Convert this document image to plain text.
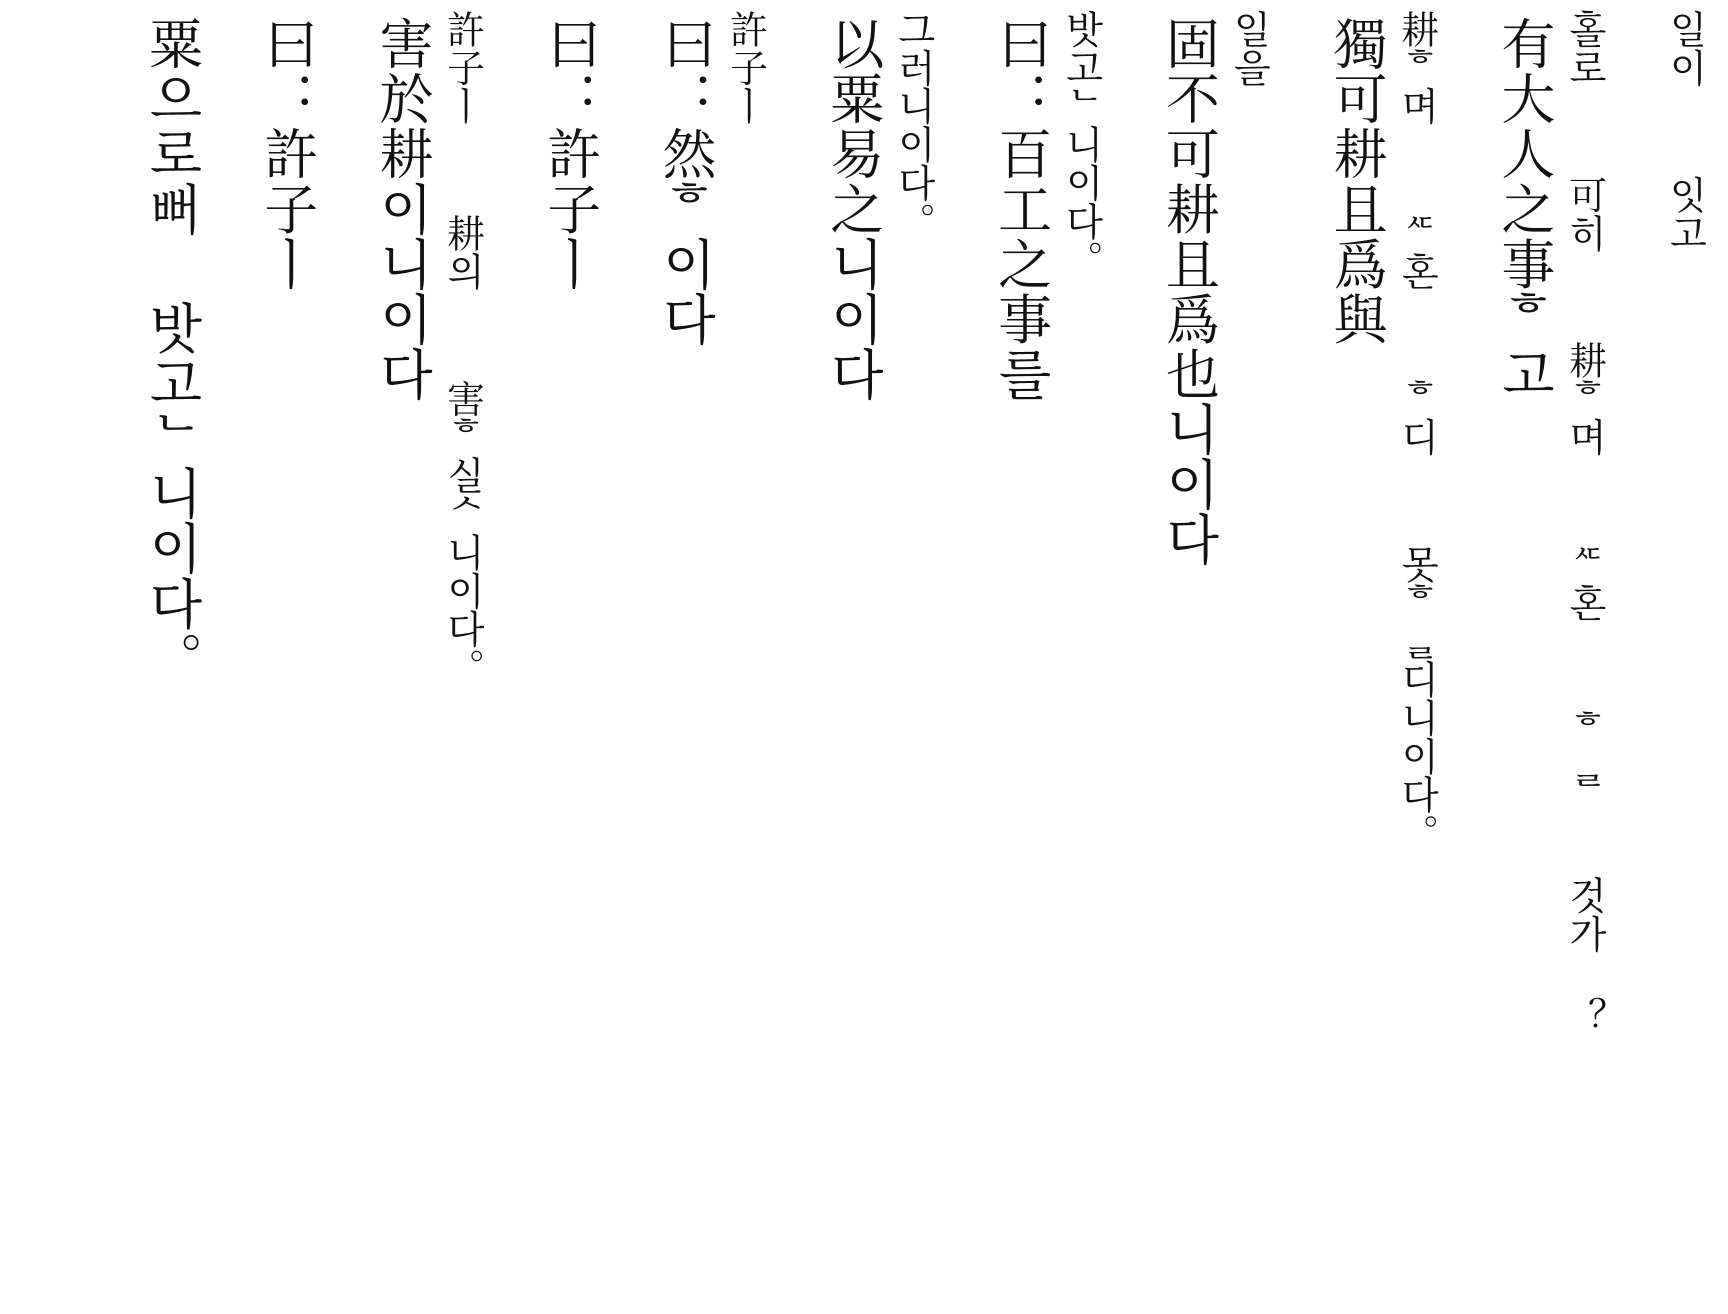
粟으로뻐 밧고ᄂ니이다。 曰：許子ㅣ 害於耕이니이다 許子ㅣ  耕의  害ᄒ실ᄉ니이다。 曰：許子ㅣ 曰：然ᄒ이다 許子ㅣ 以粟易之니이다 그러니이다。 曰：百工之事를 밧고ᄂ니이다。 固不可耕且爲也니이다 일을 獨可耕且爲與 耕ᄒ며  ᄯ혼  ᄒ디  못ᄒᆯ디니이다。 有大人之事ᄒ고 홀로  可히  耕ᄒ며  ᄯ혼  ᄒᆯ  것가 ？ 일이  잇고
